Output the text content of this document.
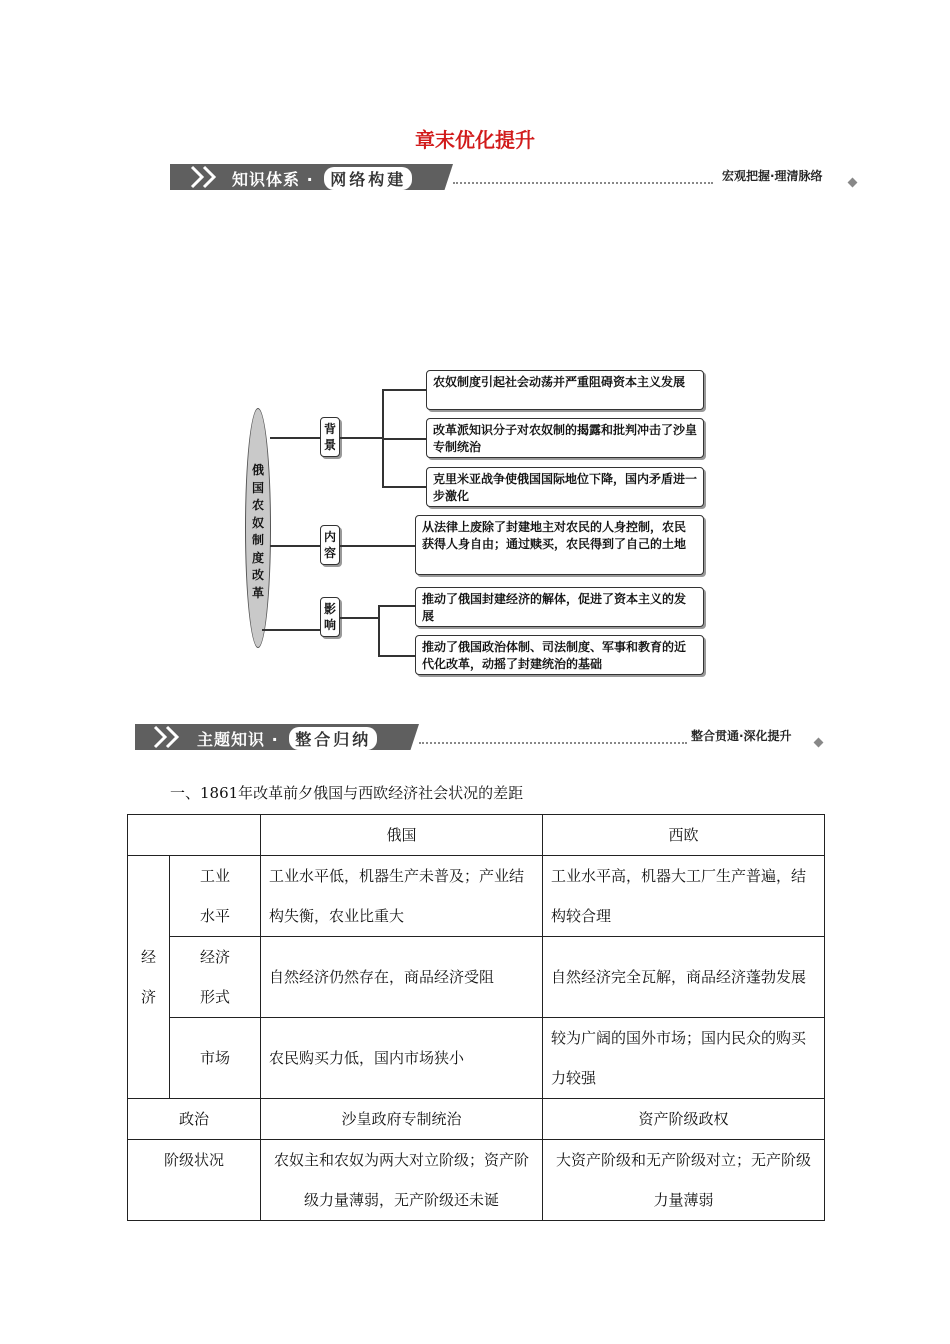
章末优化提升
知识体系 · 网络构建	宏观把握·理清脉络
俄国农奴制度改革
背景
内容
影响
农奴制度引起社会动荡并严重阻碍资本主义发展
改革派知识分子对农奴制的揭露和批判冲击了沙皇专制统治
克里米亚战争使俄国国际地位下降，国内矛盾进一步激化
从法律上废除了封建地主对农民的人身控制，农民获得人身自由；通过赎买，农民得到了自己的土地
推动了俄国封建经济的解体，促进了资本主义的发展
推动了俄国政治体制、司法制度、军事和教育的近代化改革，动摇了封建统治的基础
主题知识 · 整合归纳	整合贯通·深化提升
一、1861年改革前夕俄国与西欧经济社会状况的差距
		俄国	西欧
经济	工业水平	工业水平低，机器生产未普及；产业结构失衡，农业比重大	工业水平高，机器大工厂生产普遍，结构较合理
	经济形式	自然经济仍然存在，商品经济受阻	自然经济完全瓦解，商品经济蓬勃发展
	市场	农民购买力低，国内市场狭小	较为广阔的国外市场；国内民众的购买力较强
政治		沙皇政府专制统治	资产阶级政权
阶级状况		农奴主和农奴为两大对立阶级；资产阶级力量薄弱，无产阶级还未诞	大资产阶级和无产阶级对立；无产阶级力量薄弱
